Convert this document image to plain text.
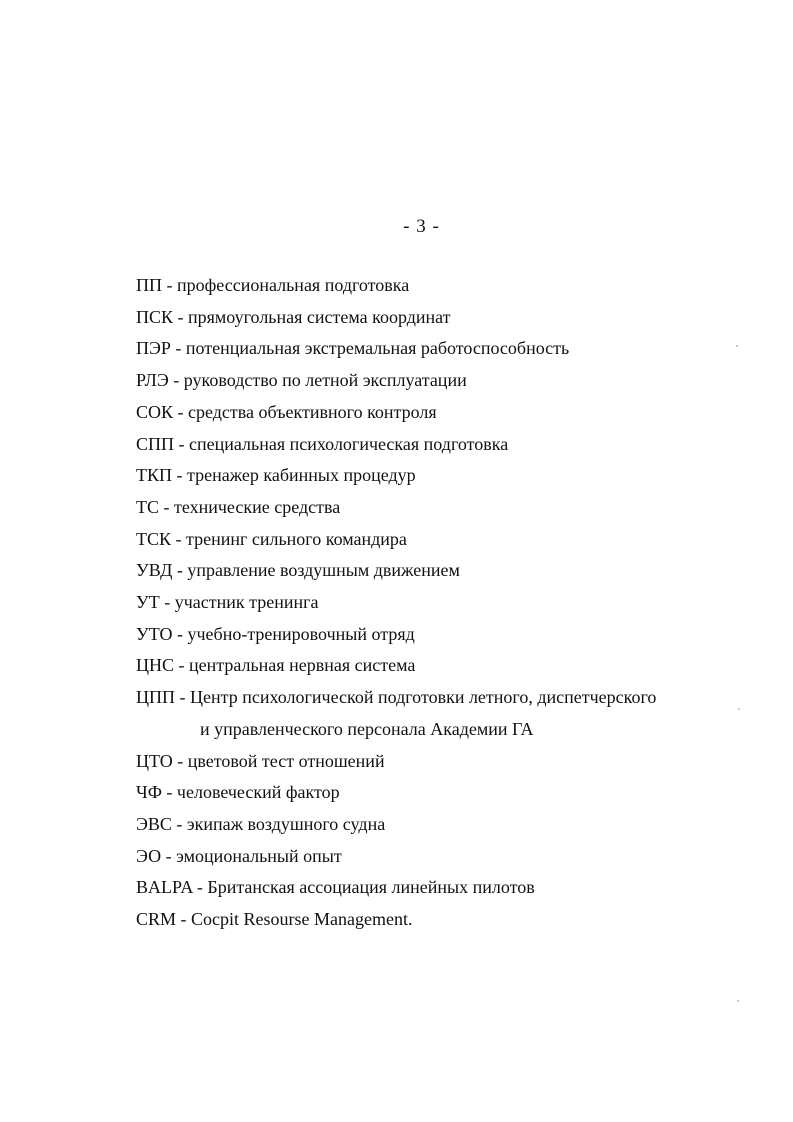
- 3 -
ПП - профессиональная подготовка
ПСК - прямоугольная система координат
ПЭР - потенциальная экстремальная работоспособность
РЛЭ - руководство по летной эксплуатации
СОК - средства объективного контроля
СПП - специальная психологическая подготовка
ТКП - тренажер кабинных процедур
ТС - технические средства
ТСК - тренинг сильного командира
УВД - управление воздушным движением
УТ - участник тренинга
УТО - учебно-тренировочный отряд
ЦНС - центральная нервная система
ЦПП - Центр психологической подготовки летного, диспетчерского
и управленческого персонала Академии ГА
ЦТО - цветовой тест отношений
ЧФ - человеческий фактор
ЭВС - экипаж воздушного судна
ЭО - эмоциональный опыт
BALPA - Британская ассоциация линейных пилотов
CRM - Cocpit Resourse Management.
